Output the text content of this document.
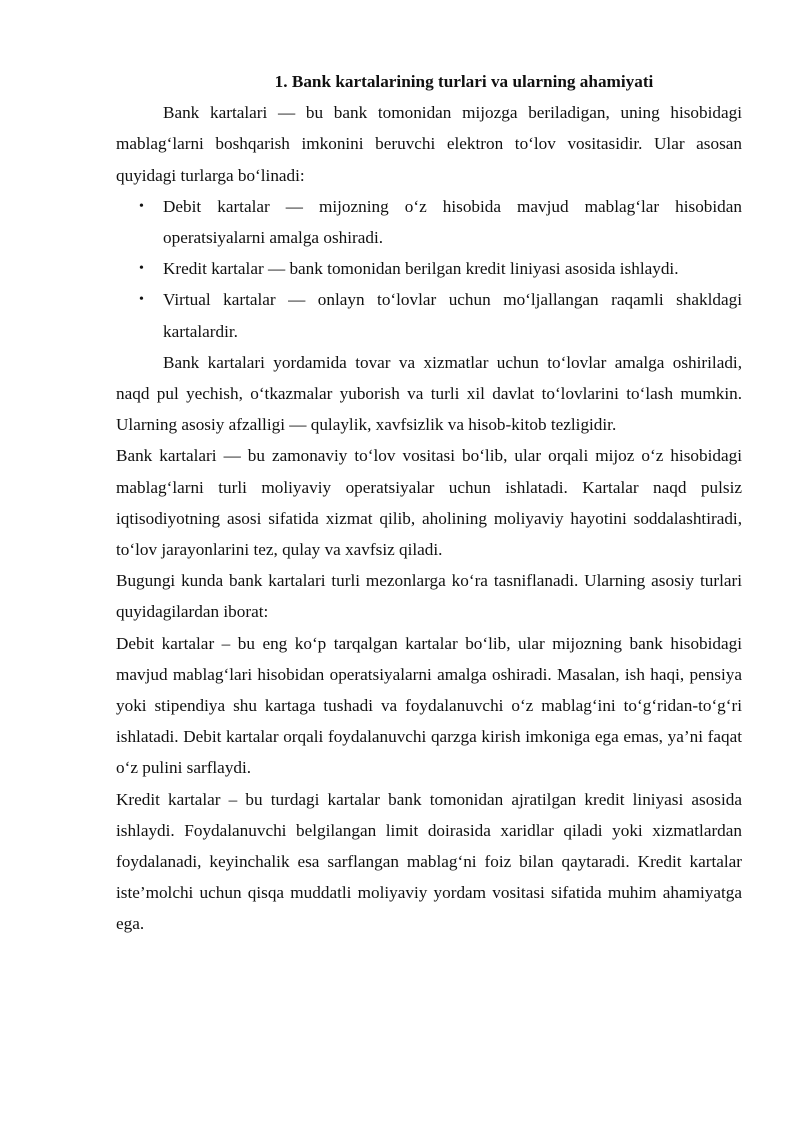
1. Bank kartalarining turlari va ularning ahamiyati

Bank kartalari — bu bank tomonidan mijozga beriladigan, uning hisobidagi mablag‘larni boshqarish imkonini beruvchi elektron to‘lov vositasidir. Ular asosan quyidagi turlarga bo‘linadi:

• Debit kartalar — mijozning o‘z hisobida mavjud mablag‘lar hisobidan operatsiyalarni amalga oshiradi.
• Kredit kartalar — bank tomonidan berilgan kredit liniyasi asosida ishlaydi.
• Virtual kartalar — onlayn to‘lovlar uchun mo‘ljallangan raqamli shakldagi kartalardir.

Bank kartalari yordamida tovar va xizmatlar uchun to‘lovlar amalga oshiriladi, naqd pul yechish, o‘tkazmalar yuborish va turli xil davlat to‘lovlarini to‘lash mumkin. Ularning asosiy afzalligi — qulaylik, xavfsizlik va hisob-kitob tezligidir.

Bank kartalari — bu zamonaviy to‘lov vositasi bo‘lib, ular orqali mijoz o‘z hisobidagi mablag‘larni turli moliyaviy operatsiyalar uchun ishlatadi. Kartalar naqd pulsiz iqtisodiyotning asosi sifatida xizmat qilib, aholining moliyaviy hayotini soddalashtiradi, to‘lov jarayonlarini tez, qulay va xavfsiz qiladi.

Bugungi kunda bank kartalari turli mezonlarga ko‘ra tasniflanadi. Ularning asosiy turlari quyidagilardan iborat:

Debit kartalar – bu eng ko‘p tarqalgan kartalar bo‘lib, ular mijozning bank hisobidagi mavjud mablag‘lari hisobidan operatsiyalarni amalga oshiradi. Masalan, ish haqi, pensiya yoki stipendiya shu kartaga tushadi va foydalanuvchi o‘z mablag‘ini to‘g‘ridan-to‘g‘ri ishlatadi. Debit kartalar orqali foydalanuvchi qarzga kirish imkoniga ega emas, ya’ni faqat o‘z pulini sarflaydi.

Kredit kartalar – bu turdagi kartalar bank tomonidan ajratilgan kredit liniyasi asosida ishlaydi. Foydalanuvchi belgilangan limit doirasida xaridlar qiladi yoki xizmatlardan foydalanadi, keyinchalik esa sarflangan mablag‘ni foiz bilan qaytaradi. Kredit kartalar iste’molchi uchun qisqa muddatli moliyaviy yordam vositasi sifatida muhim ahamiyatga ega.
